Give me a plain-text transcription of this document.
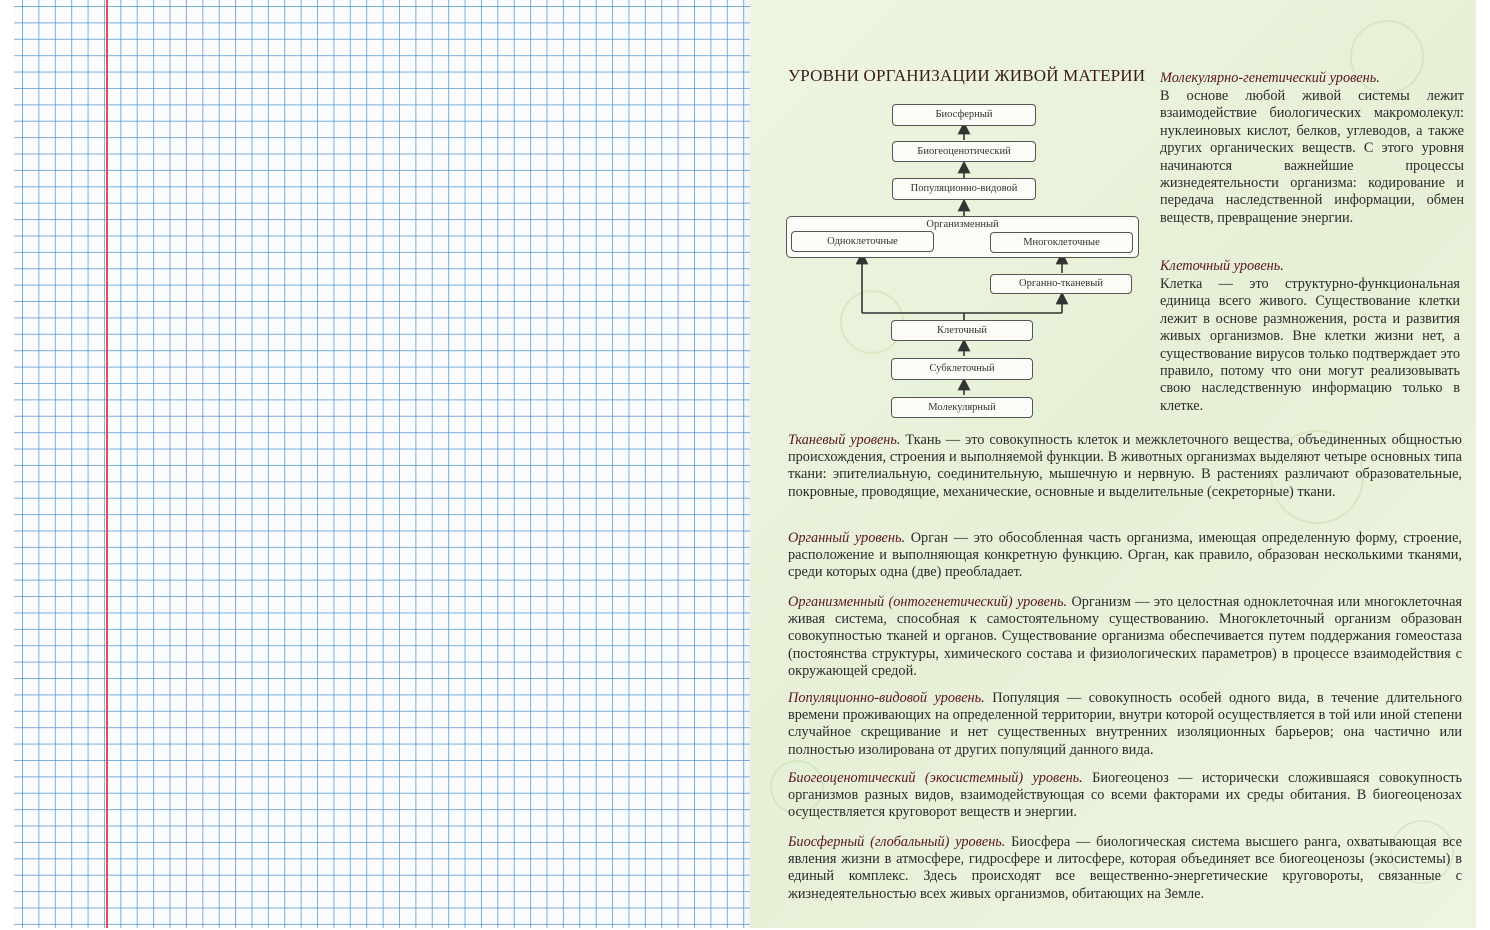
УРОВНИ ОРГАНИЗАЦИИ ЖИВОЙ МАТЕРИИ
Биосферный
Биогеоценотический
Популяционно-видовой
Организменный
Одноклеточные	Многоклеточные
Органно-тканевый
Клеточный
Субклеточный
Молекулярный
Молекулярно-генетический уровень.
В основе любой живой системы лежит взаимодействие биологических макромолекул: нуклеиновых кислот, белков, углеводов, а также других органических веществ. С этого уровня начинаются важнейшие процессы жизнедеятельности организма: кодирование и передача наследственной информации, обмен веществ, превращение энергии.
Клеточный уровень.
Клетка — это структурно-функциональная единица всего живого. Существование клетки лежит в основе размножения, роста и развития живых организмов. Вне клетки жизни нет, а существование вирусов только подтверждает это правило, потому что они могут реализовывать свою наследственную информацию только в клетке.
Тканевый уровень. Ткань — это совокупность клеток и межклеточного вещества, объединенных общностью происхождения, строения и выполняемой функции. В животных организмах выделяют четыре основных типа ткани: эпителиальную, соединительную, мышечную и нервную. В растениях различают образовательные, покровные, проводящие, механические, основные и выделительные (секреторные) ткани.
Органный уровень. Орган — это обособленная часть организма, имеющая определенную форму, строение, расположение и выполняющая конкретную функцию. Орган, как правило, образован несколькими тканями, среди которых одна (две) преобладает.
Организменный (онтогенетический) уровень. Организм — это целостная одноклеточная или многоклеточная живая система, способная к самостоятельному существованию. Многоклеточный организм образован совокупностью тканей и органов. Существование организма обеспечивается путем поддержания гомеостаза (постоянства структуры, химического состава и физиологических параметров) в процессе взаимодействия с окружающей средой.
Популяционно-видовой уровень. Популяция — совокупность особей одного вида, в течение длительного времени проживающих на определенной территории, внутри которой осуществляется в той или иной степени случайное скрещивание и нет существенных внутренних изоляционных барьеров; она частично или полностью изолирована от других популяций данного вида.
Биогеоценотический (экосистемный) уровень. Биогеоценоз — исторически сложившаяся совокупность организмов разных видов, взаимодействующая со всеми факторами их среды обитания. В биогеоценозах осуществляется круговорот веществ и энергии.
Биосферный (глобальный) уровень. Биосфера — биологическая система высшего ранга, охватывающая все явления жизни в атмосфере, гидросфере и литосфере, которая объединяет все биогеоценозы (экосистемы) в единый комплекс. Здесь происходят все вещественно-энергетические круговороты, связанные с жизнедеятельностью всех живых организмов, обитающих на Земле.
